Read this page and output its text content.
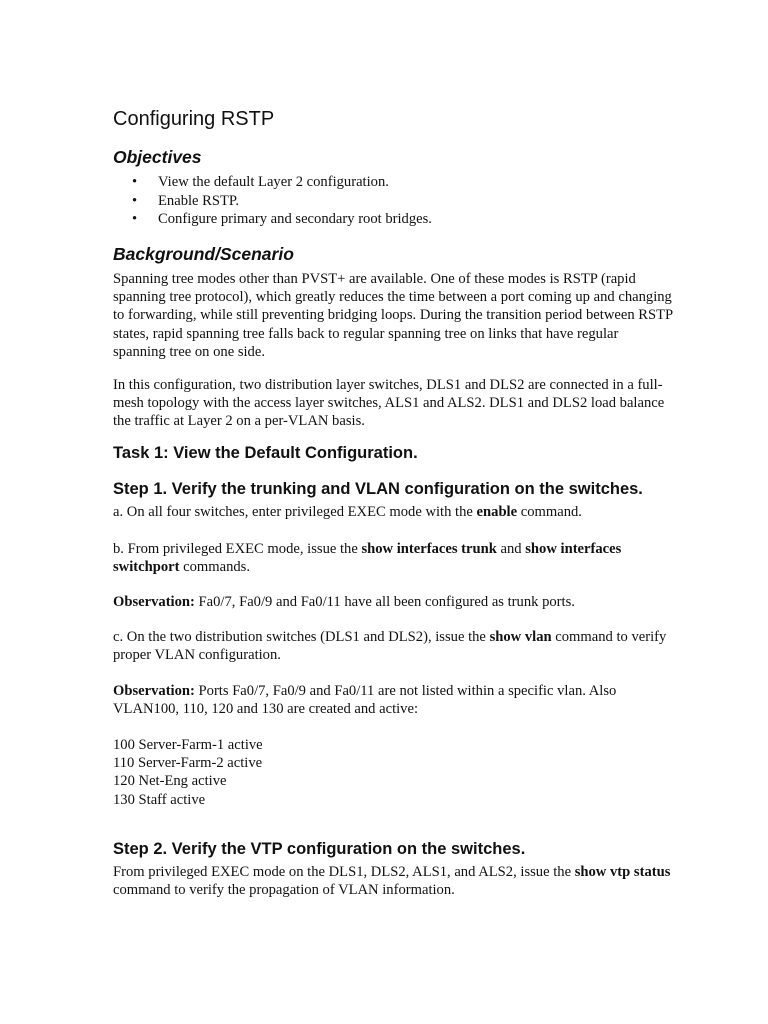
Configuring RSTP
Objectives
• View the default Layer 2 configuration.
• Enable RSTP.
• Configure primary and secondary root bridges.
Background/Scenario

Spanning tree modes other than PVST+ are available. One of these modes is RSTP (rapid spanning tree protocol), which greatly reduces the time between a port coming up and changing to forwarding, while still preventing bridging loops. During the transition period between RSTP states, rapid spanning tree falls back to regular spanning tree on links that have regular spanning tree on one side.

In this configuration, two distribution layer switches, DLS1 and DLS2 are connected in a full-mesh topology with the access layer switches, ALS1 and ALS2. DLS1 and DLS2 load balance the traffic at Layer 2 on a per-VLAN basis.

Task 1: View the Default Configuration.
Step 1. Verify the trunking and VLAN configuration on the switches.

a. On all four switches, enter privileged EXEC mode with the enable command.

b. From privileged EXEC mode, issue the show interfaces trunk and show interfaces switchport commands.

Observation: Fa0/7, Fa0/9 and Fa0/11 have all been configured as trunk ports.

c. On the two distribution switches (DLS1 and DLS2), issue the show vlan command to verify proper VLAN configuration.

Observation: Ports Fa0/7, Fa0/9 and Fa0/11 are not listed within a specific vlan. Also VLAN100, 110, 120 and 130 are created and active:

100 Server-Farm-1 active
110 Server-Farm-2 active
120 Net-Eng active
130 Staff active
Step 2. Verify the VTP configuration on the switches.

From privileged EXEC mode on the DLS1, DLS2, ALS1, and ALS2, issue the show vtp status command to verify the propagation of VLAN information.
